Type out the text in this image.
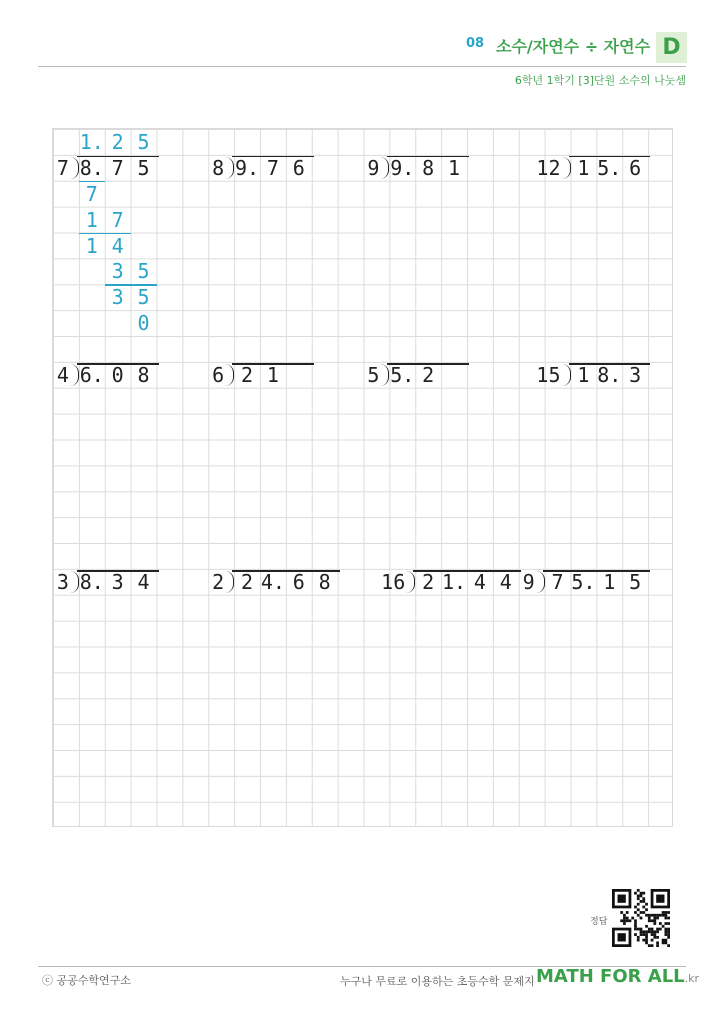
08 소수/자연수 ÷ 자연수 D
6학년 1학기 [3]단원 소수의 나눗셈
7 8. 7 5	8 9. 7 6	9 9. 8 1	12 1 5. 6
4 6. 0 8	6 2 1	5 5. 2	15 1 8. 3
3 8. 3 4	2 2 4. 6 8	16 2 1. 4 4 9 7 5. 1 5
1. 2 5
7
1 7
1 4
3 5
3 5
0
정답
ⓒ 공공수학연구소	누구나 무료로 이용하는 초등수학 문제지 MATH FOR ALL.kr
